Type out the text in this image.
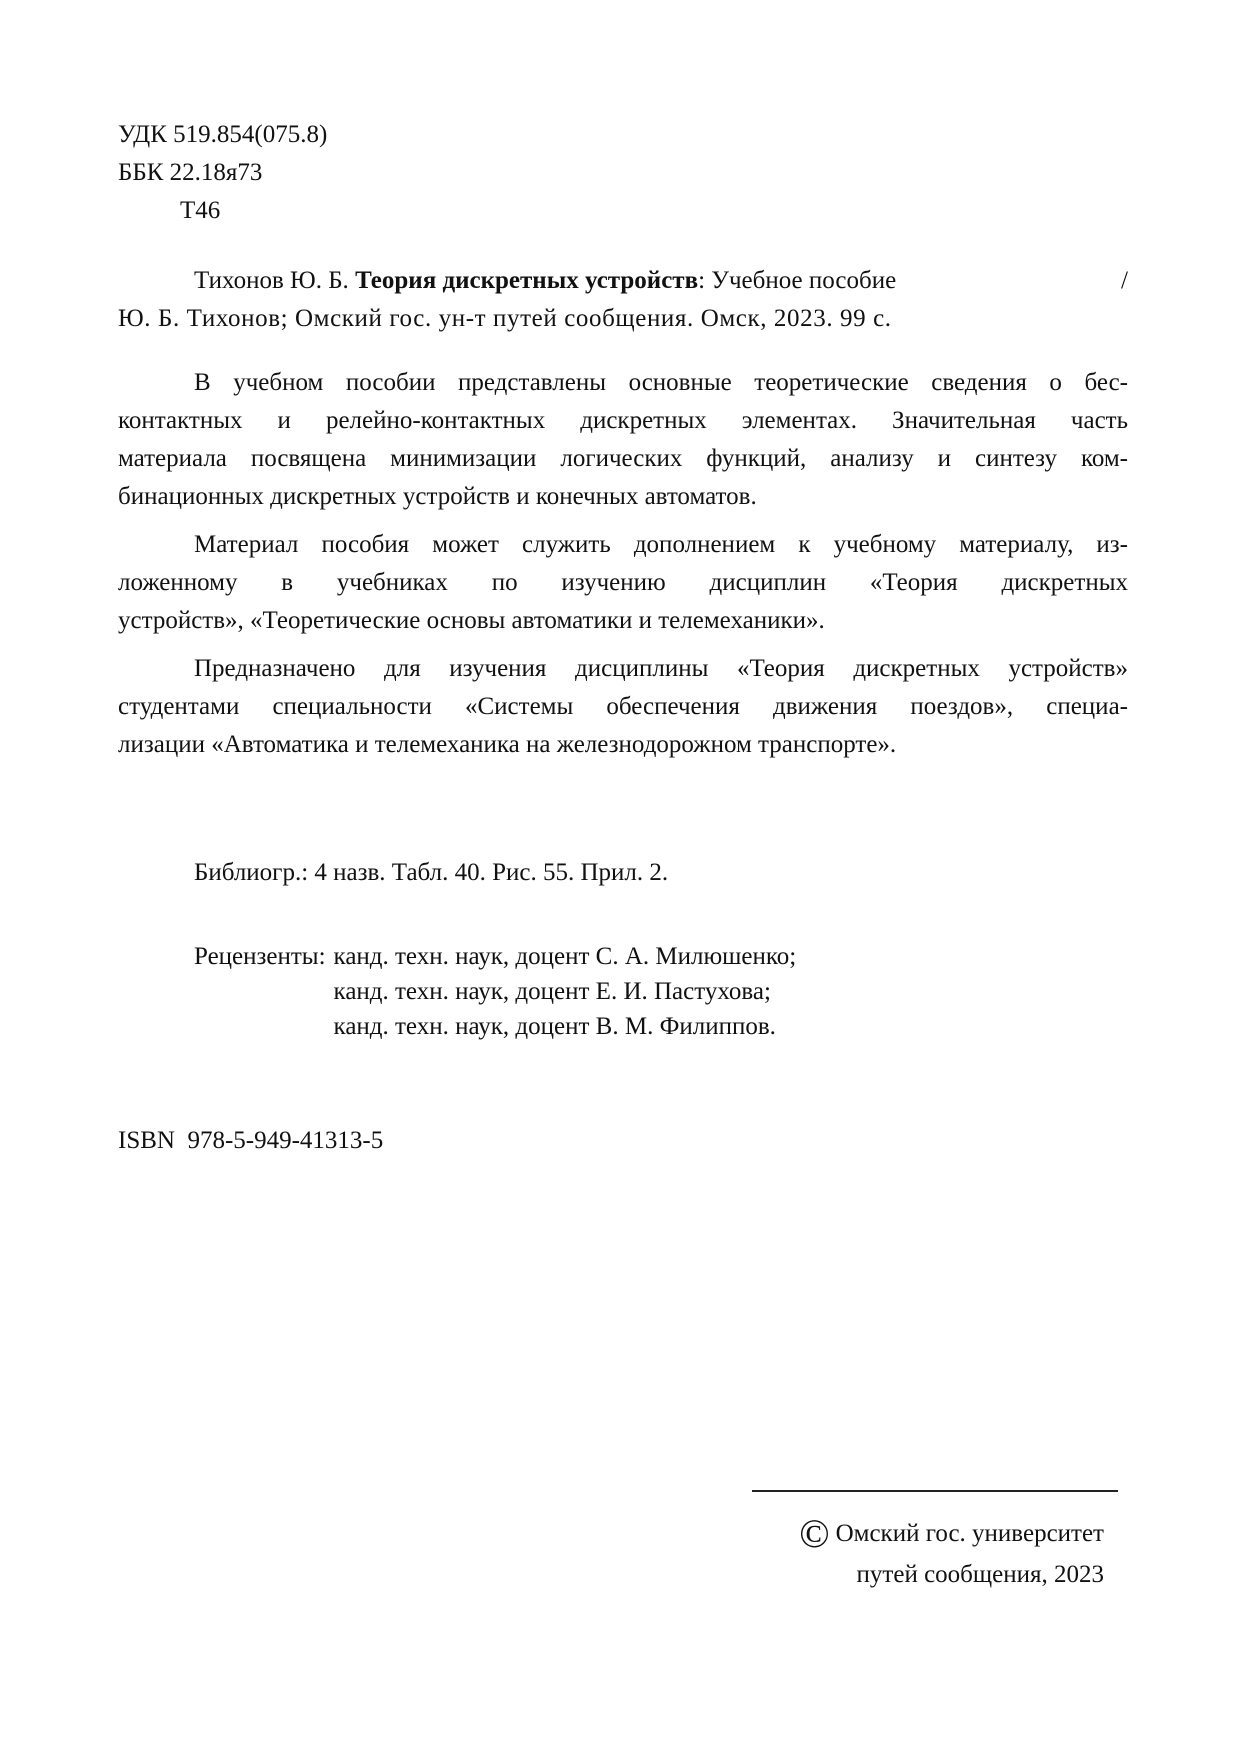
УДК 519.854(075.8)
ББК 22.18я73
Т46
Тихонов Ю. Б. Теория дискретных устройств: Учебное пособие	/
Ю. Б. Тихонов; Омский гос. ун-т путей сообщения. Омск, 2023. 99 с.
В учебном пособии представлены основные теоретические сведения о бес-
контактных и релейно-контактных дискретных элементах. Значительная часть
материала посвящена минимизации логических функций, анализу и синтезу ком-
бинационных дискретных устройств и конечных автоматов.
Материал пособия может служить дополнением к учебному материалу, из-
ложенному в учебниках по изучению дисциплин «Теория дискретных
устройств», «Теоретические основы автоматики и телемеханики».
Предназначено для изучения дисциплины «Теория дискретных устройств»
студентами специальности «Системы обеспечения движения поездов», специа-
лизации «Автоматика и телемеханика на железнодорожном транспорте».
Библиогр.: 4 назв. Табл. 40. Рис. 55. Прил. 2.
Рецензенты: канд. техн. наук, доцент С. А. Милюшенко;
канд. техн. наук, доцент Е. И. Пастухова;
канд. техн. наук, доцент В. М. Филиппов.
ISBN  978-5-949-41313-5
© Омский гос. университет
путей сообщения, 2023
